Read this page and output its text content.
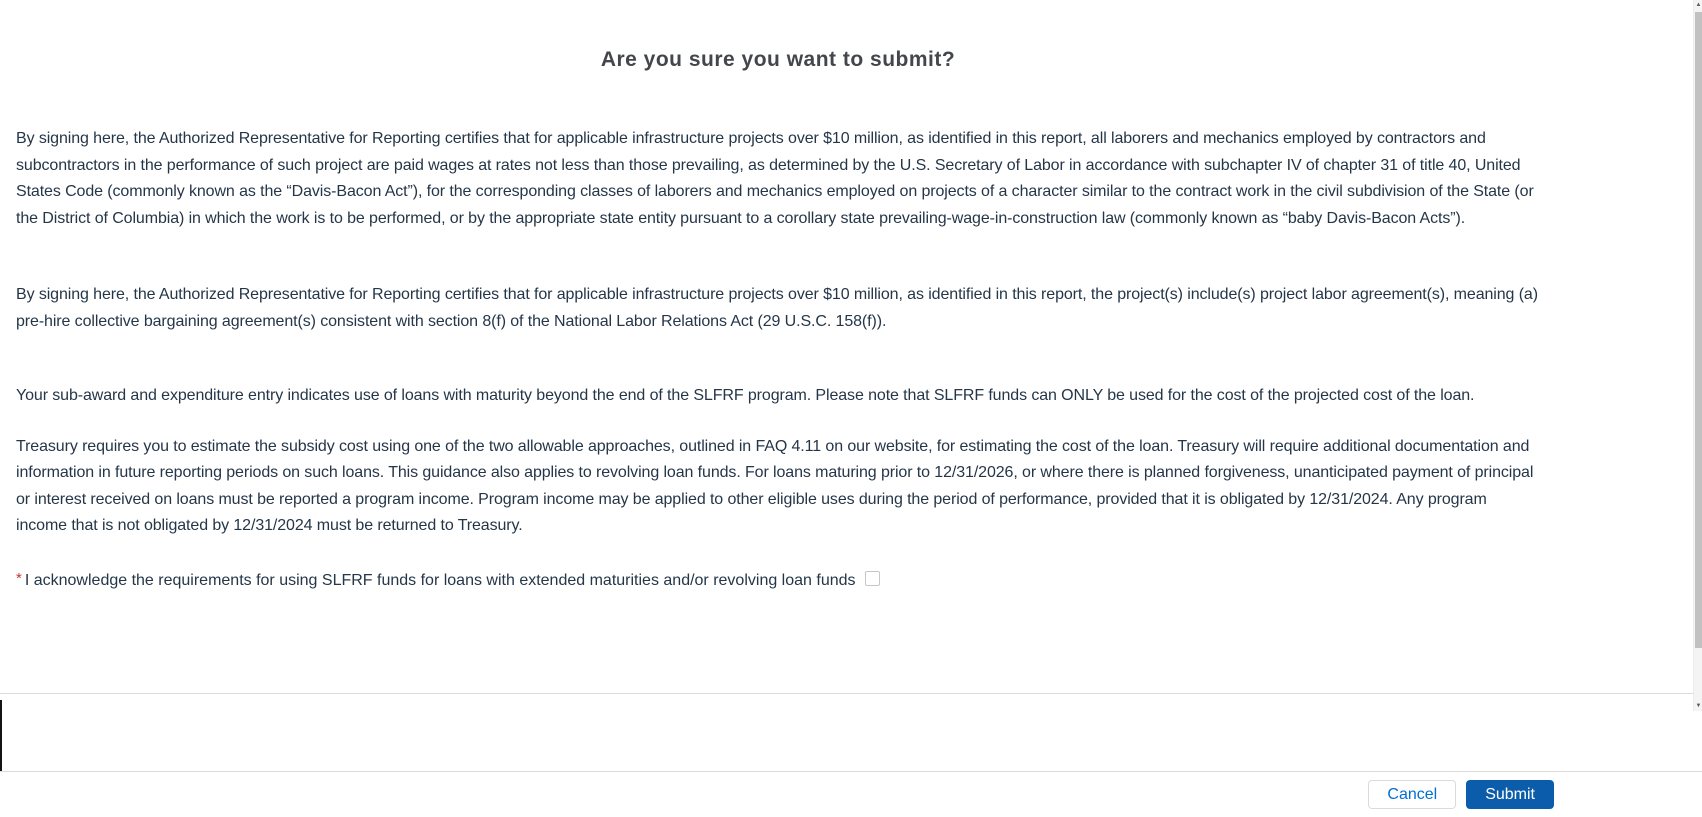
Are you sure you want to submit?

By signing here, the Authorized Representative for Reporting certifies that for applicable infrastructure projects over $10 million, as identified in this report, all laborers and mechanics employed by contractors and subcontractors in the performance of such project are paid wages at rates not less than those prevailing, as determined by the U.S. Secretary of Labor in accordance with subchapter IV of chapter 31 of title 40, United States Code (commonly known as the “Davis-Bacon Act”), for the corresponding classes of laborers and mechanics employed on projects of a character similar to the contract work in the civil subdivision of the State (or the District of Columbia) in which the work is to be performed, or by the appropriate state entity pursuant to a corollary state prevailing-wage-in-construction law (commonly known as “baby Davis-Bacon Acts”).

By signing here, the Authorized Representative for Reporting certifies that for applicable infrastructure projects over $10 million, as identified in this report, the project(s) include(s) project labor agreement(s), meaning (a) pre-hire collective bargaining agreement(s) consistent with section 8(f) of the National Labor Relations Act (29 U.S.C. 158(f)).

Your sub-award and expenditure entry indicates use of loans with maturity beyond the end of the SLFRF program. Please note that SLFRF funds can ONLY be used for the cost of the projected cost of the loan.

Treasury requires you to estimate the subsidy cost using one of the two allowable approaches, outlined in FAQ 4.11 on our website, for estimating the cost of the loan. Treasury will require additional documentation and information in future reporting periods on such loans. This guidance also applies to revolving loan funds. For loans maturing prior to 12/31/2026, or where there is planned forgiveness, unanticipated payment of principal or interest received on loans must be reported a program income. Program income may be applied to other eligible uses during the period of performance, provided that it is obligated by 12/31/2024. Any program income that is not obligated by 12/31/2024 must be returned to Treasury.

* I acknowledge the requirements for using SLFRF funds for loans with extended maturities and/or revolving loan funds
Cancel	Submit
▲
▼
